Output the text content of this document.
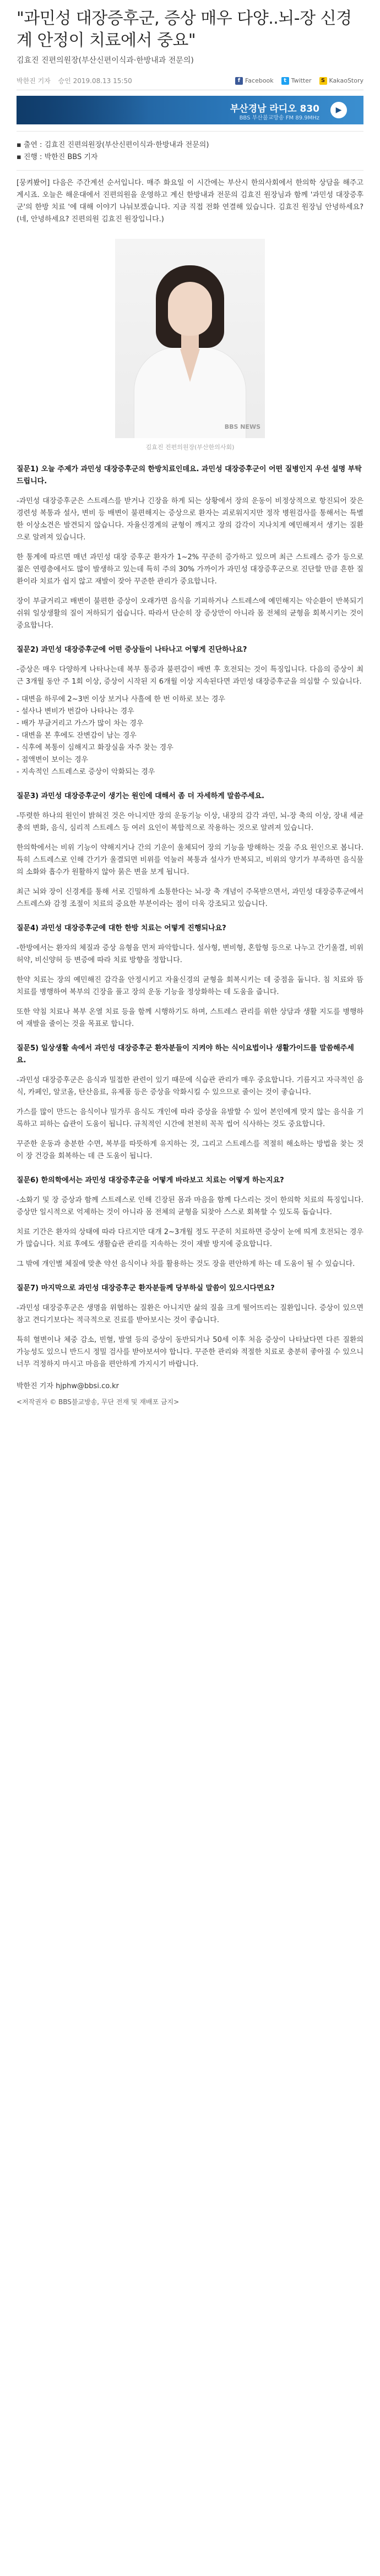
"과민성 대장증후군, 증상 매우 다양..뇌-장 신경계 안정이 치료에서 중요"
김효진 진편의원장(부산신편이식과·한방내과 전문의)
박한진 기자 승인 2019.08.13 15:50	f Facebook	t Twitter	S KakaoStory
부산경남 라디오 830
BBS 부산불교방송 FM 89.9MHz
▶
▪ 출연 : 김효진 진편의원장(부산신편이식과·한방내과 전문의)
▪ 진행 : 박한진 BBS 기자

[뭉켜봤어] 다음은 주간계선 순서입니다. 매주 화요일 이 시간에는 부산시 한의사회에서 한의학 상담을 해주고 계시죠. 오늘은 해운대에서 진편의원을 운영하고 계신 한방내과 전문의 김효진 원장님과 함께 '과민성 대장증후군'의 한방 치료 '에 대해 이야기 나눠보겠습니다. 지금 직접 전화 연결해 있습니다. 김효진 원장님 안녕하세요? (네, 안녕하세요? 진편의원 김효진 원장입니다.)

BBS NEWS
김효진 진편의원장(부산한의사회)

질문1) 오늘 주제가 과민성 대장증후군의 한방치료인데요. 과민성 대장증후군이 어떤 질병인지 우선 설명 부탁드립니다.

-과민성 대장증후군은 스트레스를 받거나 긴장을 하게 되는 상황에서 장의 운동이 비정상적으로 항진되어 잦은 경련성 복통과 설사, 변비 등 배변이 불편해지는 증상으로 환자는 괴로워지지만 정작 병원검사를 통해서는 특별한 이상소견은 발견되지 않습니다. 자율신경계의 균형이 깨지고 장의 감각이 지나치게 예민해져서 생기는 질환으로 알려져 있습니다.

한 통계에 따르면 매년 과민성 대장 증후군 환자가 1~2% 꾸준히 증가하고 있으며 최근 스트레스 증가 등으로 젊은 연령층에서도 많이 발생하고 있는데 특히 주의 30% 가까이가 과민성 대장증후군으로 진단할 만큼 흔한 질환이라 치료가 쉽지 않고 재발이 잦아 꾸준한 관리가 중요합니다.

장이 부글거리고 배변이 불편한 증상이 오래가면 음식을 기피하거나 스트레스에 예민해지는 악순환이 반복되기 쉬워 일상생활의 질이 저하되기 쉽습니다. 따라서 단순히 장 증상만이 아니라 몸 전체의 균형을 회복시키는 것이 중요합니다.

질문2) 과민성 대장증후군에 어떤 증상들이 나타나고 어떻게 진단하나요?

-증상은 매우 다양하게 나타나는데 복부 통증과 불편감이 배변 후 호전되는 것이 특징입니다. 다음의 증상이 최근 3개월 동안 주 1회 이상, 증상이 시작된 지 6개월 이상 지속된다면 과민성 대장증후군을 의심할 수 있습니다.

- 대변을 하루에 2~3번 이상 보거나 사흘에 한 번 이하로 보는 경우
- 설사나 변비가 번갈아 나타나는 경우
- 배가 부글거리고 가스가 많이 차는 경우
- 대변을 본 후에도 잔변감이 남는 경우
- 식후에 복통이 심해지고 화장실을 자주 찾는 경우
- 점액변이 보이는 경우
- 지속적인 스트레스로 증상이 악화되는 경우

질문3) 과민성 대장증후군이 생기는 원인에 대해서 좀 더 자세하게 말씀주세요.

-뚜렷한 하나의 원인이 밝혀진 것은 아니지만 장의 운동기능 이상, 내장의 감각 과민, 뇌-장 축의 이상, 장내 세균총의 변화, 음식, 심리적 스트레스 등 여러 요인이 복합적으로 작용하는 것으로 알려져 있습니다.

한의학에서는 비위 기능이 약해지거나 간의 기운이 울체되어 장의 기능을 방해하는 것을 주요 원인으로 봅니다. 특히 스트레스로 인해 간기가 울결되면 비위를 억눌러 복통과 설사가 반복되고, 비위의 양기가 부족하면 음식물의 소화와 흡수가 원활하지 않아 묽은 변을 보게 됩니다.

최근 뇌와 장이 신경계를 통해 서로 긴밀하게 소통한다는 뇌-장 축 개념이 주목받으면서, 과민성 대장증후군에서 스트레스와 감정 조절이 치료의 중요한 부분이라는 점이 더욱 강조되고 있습니다.

질문4) 과민성 대장증후군에 대한 한방 치료는 어떻게 진행되나요?

-한방에서는 환자의 체질과 증상 유형을 먼저 파악합니다. 설사형, 변비형, 혼합형 등으로 나누고 간기울결, 비위허약, 비신양허 등 변증에 따라 치료 방향을 정합니다.

한약 치료는 장의 예민해진 감각을 안정시키고 자율신경의 균형을 회복시키는 데 중점을 둡니다. 침 치료와 뜸 치료를 병행하여 복부의 긴장을 풀고 장의 운동 기능을 정상화하는 데 도움을 줍니다.

또한 약침 치료나 복부 온열 치료 등을 함께 시행하기도 하며, 스트레스 관리를 위한 상담과 생활 지도를 병행하여 재발을 줄이는 것을 목표로 합니다.

질문5) 일상생활 속에서 과민성 대장증후군 환자분들이 지켜야 하는 식이요법이나 생활가이드를 말씀해주세요.

-과민성 대장증후군은 음식과 밀접한 관련이 있기 때문에 식습관 관리가 매우 중요합니다. 기름지고 자극적인 음식, 카페인, 알코올, 탄산음료, 유제품 등은 증상을 악화시킬 수 있으므로 줄이는 것이 좋습니다.

가스를 많이 만드는 음식이나 밀가루 음식도 개인에 따라 증상을 유발할 수 있어 본인에게 맞지 않는 음식을 기록하고 피하는 습관이 도움이 됩니다. 규칙적인 시간에 천천히 꼭꼭 씹어 식사하는 것도 중요합니다.

꾸준한 운동과 충분한 수면, 복부를 따뜻하게 유지하는 것, 그리고 스트레스를 적절히 해소하는 방법을 찾는 것이 장 건강을 회복하는 데 큰 도움이 됩니다.

질문6) 한의학에서는 과민성 대장증후군을 어떻게 바라보고 치료는 어떻게 하는지요?

-소화기 및 장 증상과 함께 스트레스로 인해 긴장된 몸과 마음을 함께 다스리는 것이 한의학 치료의 특징입니다. 증상만 일시적으로 억제하는 것이 아니라 몸 전체의 균형을 되찾아 스스로 회복할 수 있도록 돕습니다.

치료 기간은 환자의 상태에 따라 다르지만 대개 2~3개월 정도 꾸준히 치료하면 증상이 눈에 띄게 호전되는 경우가 많습니다. 치료 후에도 생활습관 관리를 지속하는 것이 재발 방지에 중요합니다.

그 밖에 개인별 체질에 맞춘 약선 음식이나 차를 활용하는 것도 장을 편안하게 하는 데 도움이 될 수 있습니다.

질문7) 마지막으로 과민성 대장증후군 환자분들께 당부하실 말씀이 있으시다면요?

-과민성 대장증후군은 생명을 위협하는 질환은 아니지만 삶의 질을 크게 떨어뜨리는 질환입니다. 증상이 있으면 참고 견디기보다는 적극적으로 진료를 받아보시는 것이 좋습니다.

특히 혈변이나 체중 감소, 빈혈, 발열 등의 증상이 동반되거나 50세 이후 처음 증상이 나타났다면 다른 질환의 가능성도 있으니 반드시 정밀 검사를 받아보셔야 합니다. 꾸준한 관리와 적절한 치료로 충분히 좋아질 수 있으니 너무 걱정하지 마시고 마음을 편안하게 가지시기 바랍니다.

박한진 기자 hjphw@bbsi.co.kr
<저작권자 © BBS불교방송, 무단 전재 및 재배포 금지>
